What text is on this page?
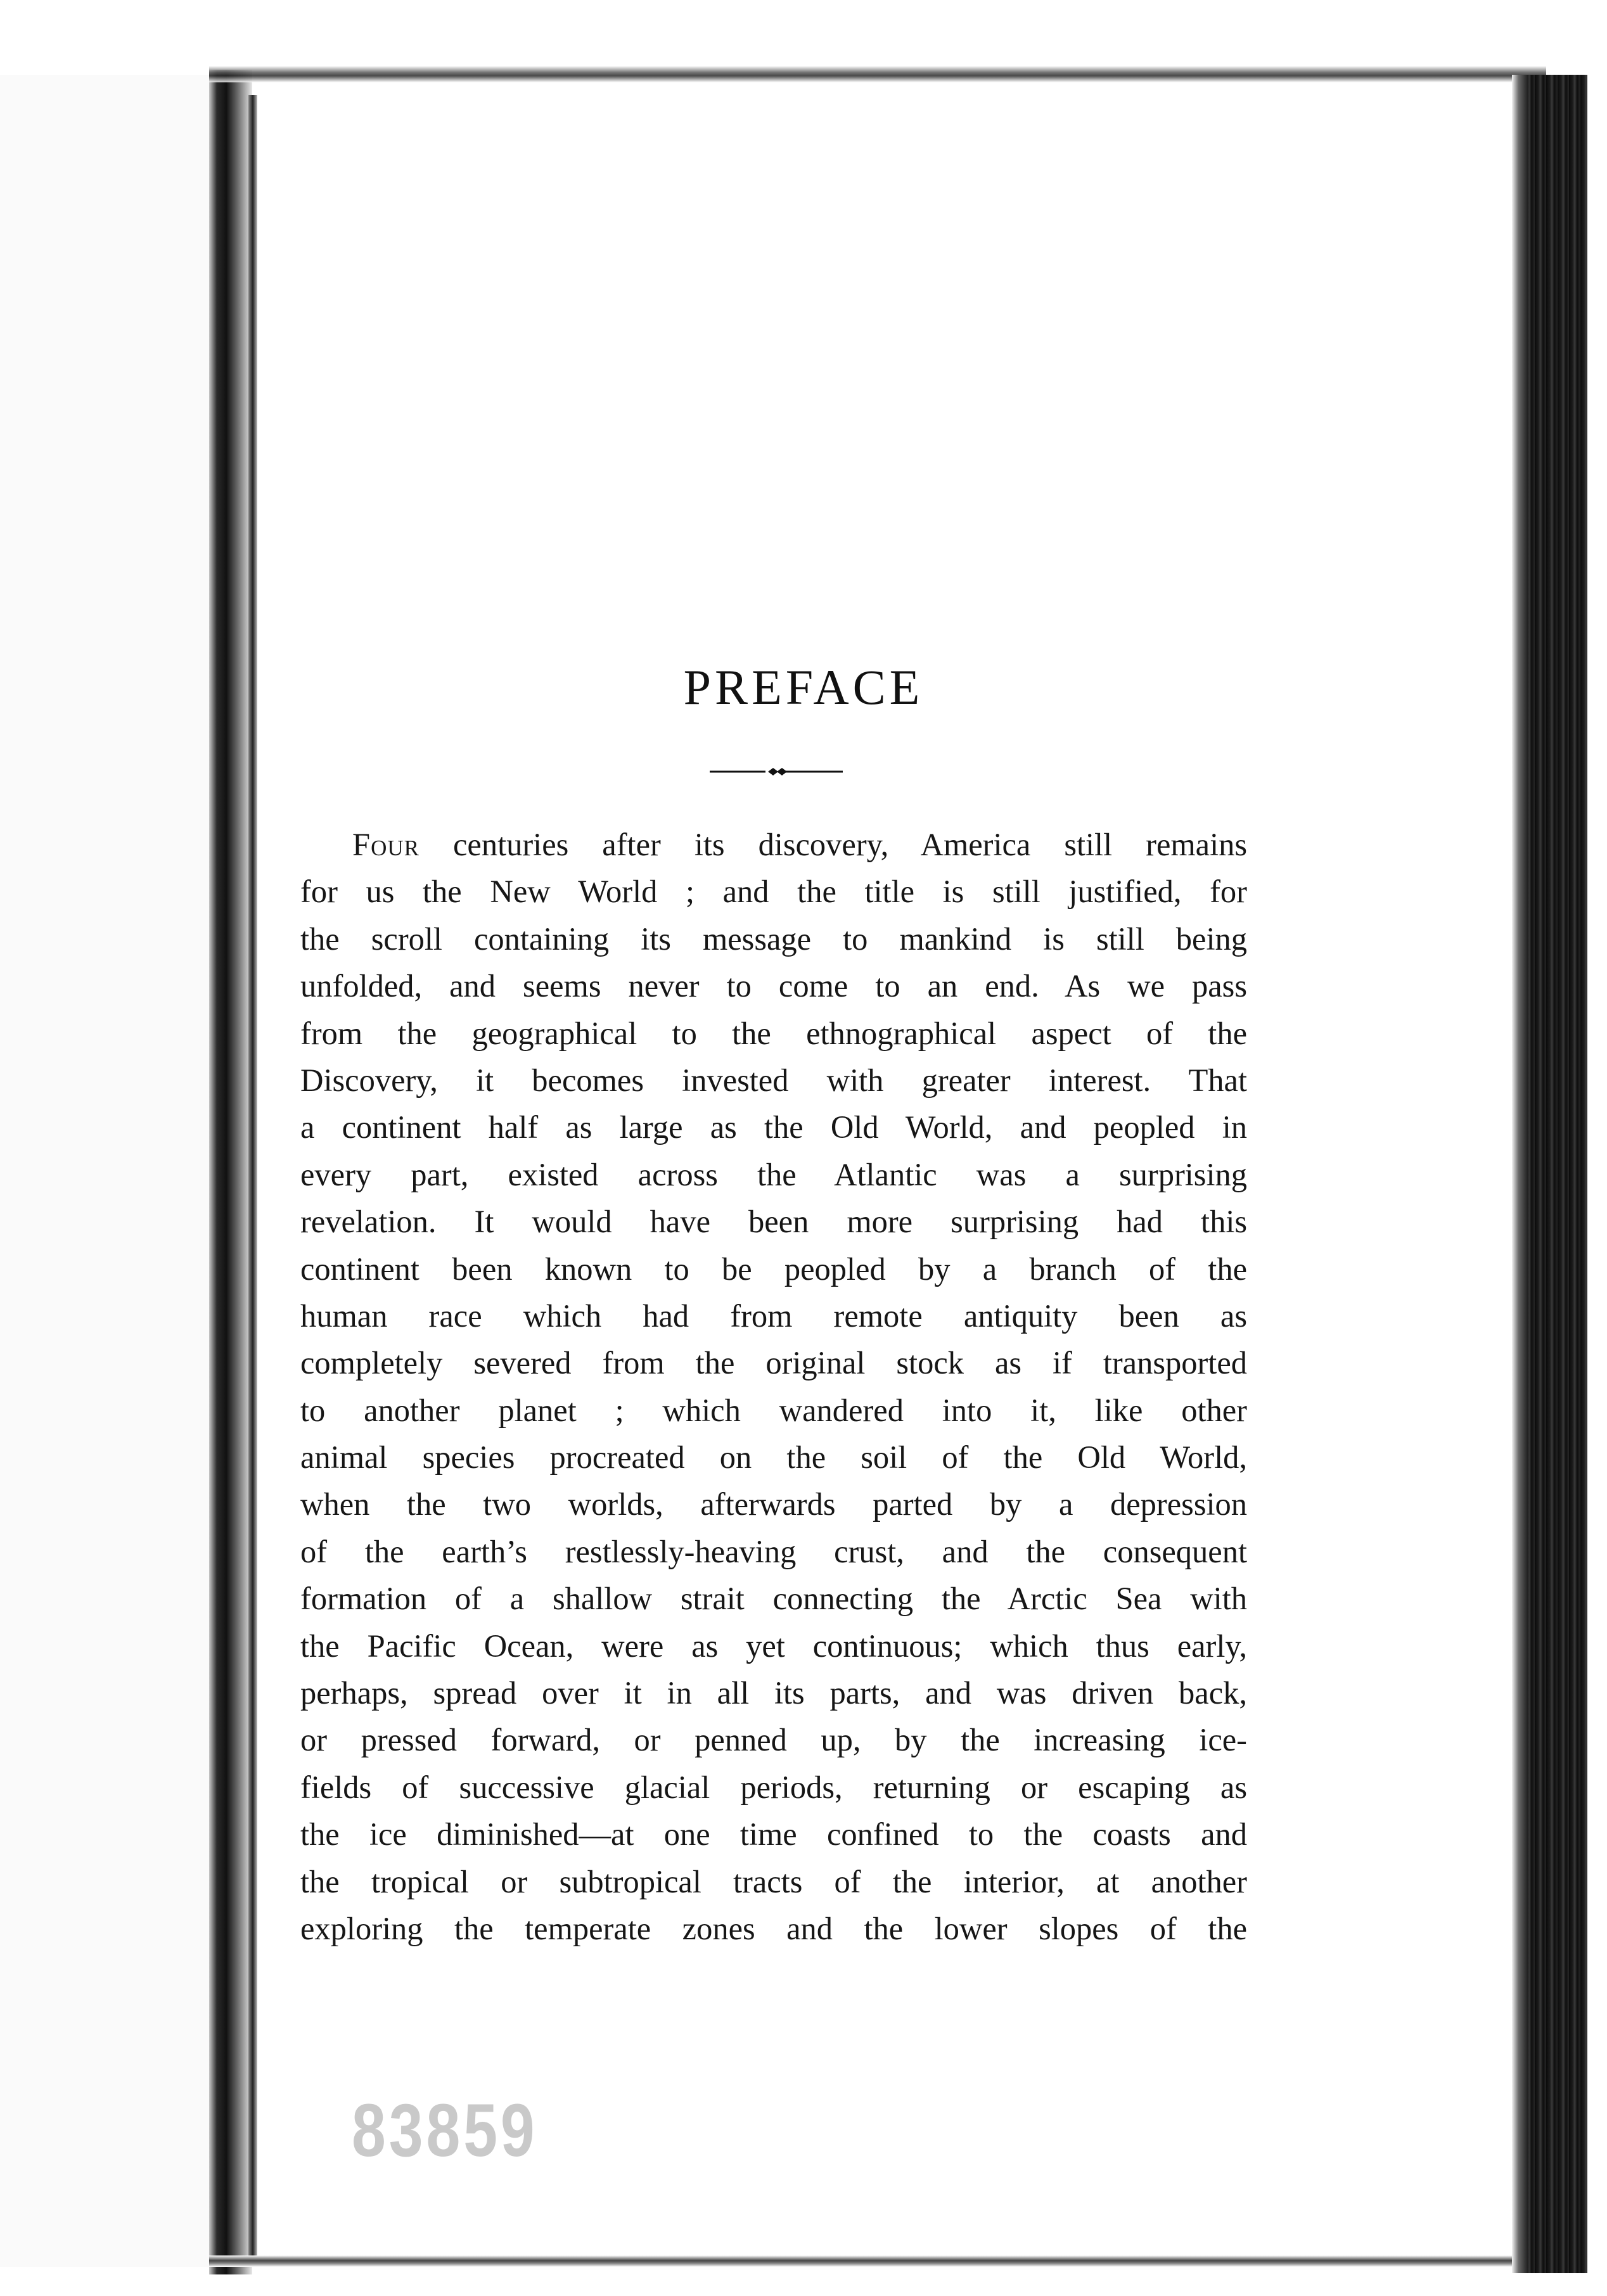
PREFACE
Four centuries after its discovery, America still remains
for us the New World ; and the title is still justified, for
the scroll containing its message to mankind is still being
unfolded, and seems never to come to an end. As we pass
from the geographical to the ethnographical aspect of the
Discovery, it becomes invested with greater interest. That
a continent half as large as the Old World, and peopled in
every part, existed across the Atlantic was a surprising
revelation. It would have been more surprising had this
continent been known to be peopled by a branch of the
human race which had from remote antiquity been as
completely severed from the original stock as if transported
to another planet ; which wandered into it, like other
animal species procreated on the soil of the Old World,
when the two worlds, afterwards parted by a depression
of the earth’s restlessly-heaving crust, and the consequent
formation of a shallow strait connecting the Arctic Sea with
the Pacific Ocean, were as yet continuous; which thus early,
perhaps, spread over it in all its parts, and was driven back,
or pressed forward, or penned up, by the increasing ice-
fields of successive glacial periods, returning or escaping as
the ice diminished—at one time confined to the coasts and
the tropical or subtropical tracts of the interior, at another
exploring the temperate zones and the lower slopes of the
83859
